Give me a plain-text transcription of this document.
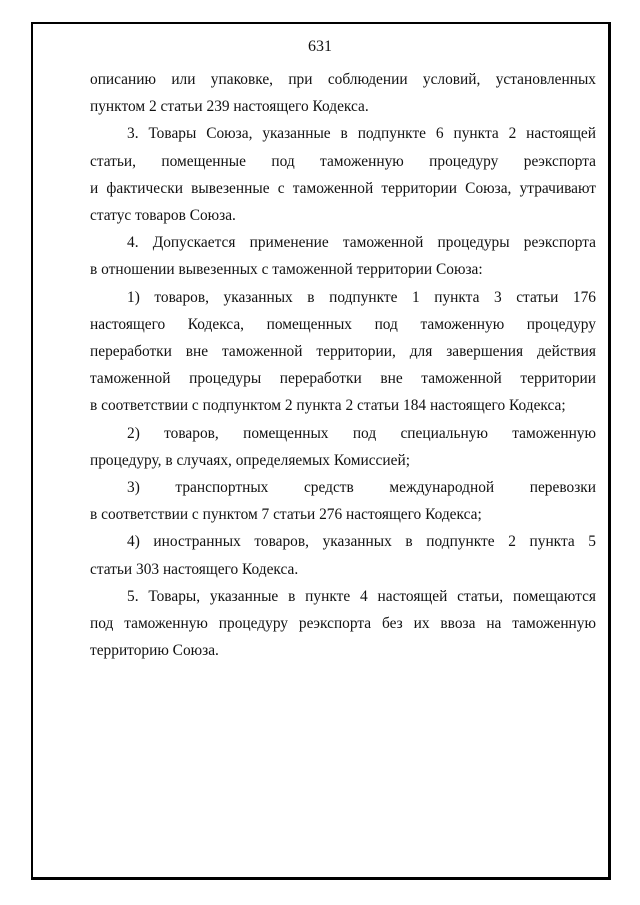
631
описанию или упаковке, при соблюдении условий, установленных
пунктом 2 статьи 239 настоящего Кодекса.
3. Товары Союза, указанные в подпункте 6 пункта 2 настоящей
статьи, помещенные под таможенную процедуру реэкспорта
и фактически вывезенные с таможенной территории Союза, утрачивают
статус товаров Союза.
4. Допускается применение таможенной процедуры реэкспорта
в отношении вывезенных с таможенной территории Союза:
1) товаров, указанных в подпункте 1 пункта 3 статьи 176
настоящего Кодекса, помещенных под таможенную процедуру
переработки вне таможенной территории, для завершения действия
таможенной процедуры переработки вне таможенной территории
в соответствии с подпунктом 2 пункта 2 статьи 184 настоящего Кодекса;
2) товаров, помещенных под специальную таможенную
процедуру, в случаях, определяемых Комиссией;
3) транспортных средств международной перевозки
в соответствии с пунктом 7 статьи 276 настоящего Кодекса;
4) иностранных товаров, указанных в подпункте 2 пункта 5
статьи 303 настоящего Кодекса.
5. Товары, указанные в пункте 4 настоящей статьи, помещаются
под таможенную процедуру реэкспорта без их ввоза на таможенную
территорию Союза.
